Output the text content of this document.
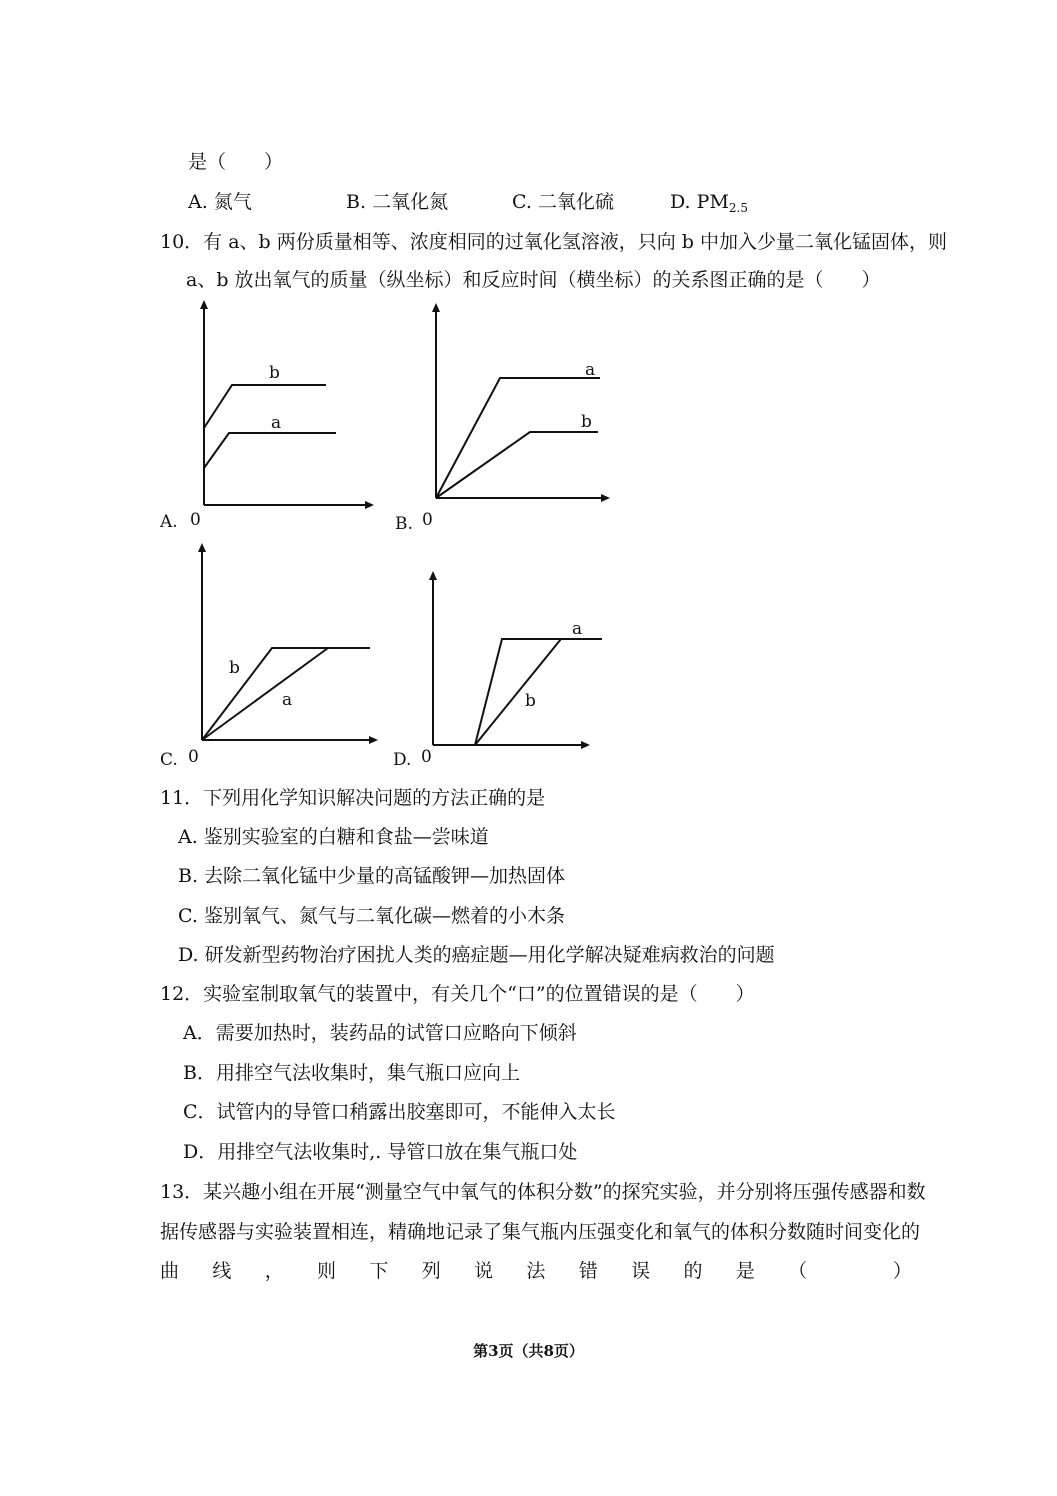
是（　　）
A. 氮气	B. 二氧化氮	C. 二氧化硫	D. $PM_{2.5}$
10．有 a、b 两份质量相等、浓度相同的过氧化氢溶液，只向 b 中加入少量二氧化锰固体，则
a、b 放出氧气的质量（纵坐标）和反应时间（横坐标）的关系图正确的是（　　）
A. 0
b
a
B. 0
a
b
C. 0
b
a
D. 0
a
b
11．下列用化学知识解决问题的方法正确的是
A. 鉴别实验室的白糖和食盐—尝味道
B. 去除二氧化锰中少量的高锰酸钾—加热固体
C. 鉴别氧气、氮气与二氧化碳—燃着的小木条
D. 研发新型药物治疗困扰人类的癌症题—用化学解决疑难病救治的问题
12．实验室制取氧气的装置中，有关几个“口”的位置错误的是（　　）
A．需要加热时，装药品的试管口应略向下倾斜
B．用排空气法收集时，集气瓶口应向上
C．试管内的导管口稍露出胶塞即可，不能伸入太长
D．用排空气法收集时,. 导管口放在集气瓶口处
13．某兴趣小组在开展“测量空气中氧气的体积分数”的探究实验，并分别将压强传感器和数
据传感器与实验装置相连，精确地记录了集气瓶内压强变化和氧气的体积分数随时间变化的
曲 线 ， 则 下 列 说 法 错 误 的 是 （
　	）
第3页（共8页）
